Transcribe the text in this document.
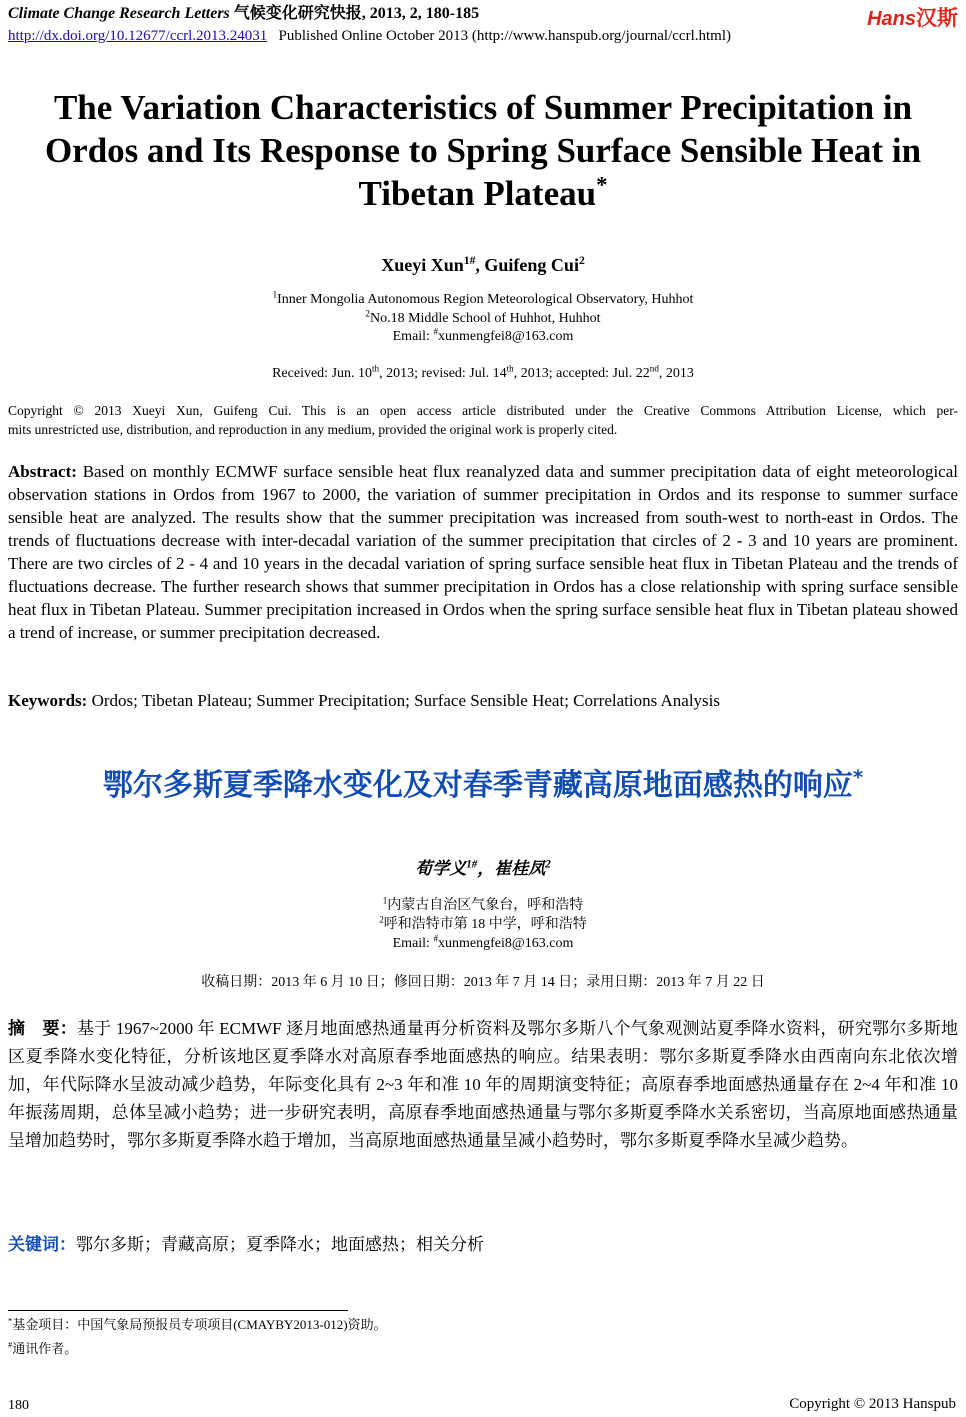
Climate Change Research Letters 气候变化研究快报, 2013, 2, 180-185
http://dx.doi.org/10.12677/ccrl.2013.24031 Published Online October 2013 (http://www.hanspub.org/journal/ccrl.html)
Hans汉斯
The Variation Characteristics of Summer Precipitation in
Ordos and Its Response to Spring Surface Sensible Heat in
Tibetan Plateau*
Xueyi Xun$^{1\#}$, Guifeng Cui$^2$
$^1$Inner Mongolia Autonomous Region Meteorological Observatory, Huhhot
$^2$No.18 Middle School of Huhhot, Huhhot
Email: #xunmengfei8@163.com
Received: Jun. 10th, 2013; revised: Jul. 14th, 2013; accepted: Jul. 22nd, 2013
Copyright © 2013 Xueyi Xun, Guifeng Cui. This is an open access article distributed under the Creative Commons Attribution License, which per-
mits unrestricted use, distribution, and reproduction in any medium, provided the original work is properly cited.
Abstract: Based on monthly ECMWF surface sensible heat flux reanalyzed data and summer precipitation data of eight meteorological observation stations in Ordos from 1967 to 2000, the variation of summer precipitation in Ordos and its response to summer surface sensible heat are analyzed. The results show that the summer precipitation was increased from south-west to north-east in Ordos. The trends of fluctuations decrease with inter-decadal variation of the summer precipitation that circles of 2 - 3 and 10 years are prominent. There are two circles of 2 - 4 and 10 years in the decadal variation of spring surface sensible heat flux in Tibetan Plateau and the trends of fluctuations decrease. The further research shows that summer precipitation in Ordos has a close relationship with spring surface sensible heat flux in Tibetan Plateau. Summer precipitation increased in Ordos when the spring surface sensible heat flux in Tibetan plateau showed a trend of increase, or summer precipitation decreased.
Keywords: Ordos; Tibetan Plateau; Summer Precipitation; Surface Sensible Heat; Correlations Analysis
鄂尔多斯夏季降水变化及对春季青藏高原地面感热的响应*
荀学义$^{1\#}$，崔桂凤$^2$
$^1$内蒙古自治区气象台，呼和浩特
$^2$呼和浩特市第 18 中学，呼和浩特
Email: #xunmengfei8@163.com
收稿日期：2013 年 6 月 10 日；修回日期：2013 年 7 月 14 日；录用日期：2013 年 7 月 22 日
摘　要：基于 1967~2000 年 ECMWF 逐月地面感热通量再分析资料及鄂尔多斯八个气象观测站夏季降水资料，研究鄂尔多斯地区夏季降水变化特征，分析该地区夏季降水对高原春季地面感热的响应。结果表明：鄂尔多斯夏季降水由西南向东北依次增加，年代际降水呈波动减少趋势，年际变化具有 2~3 年和准 10 年的周期演变特征；高原春季地面感热通量存在 2~4 年和准 10 年振荡周期，总体呈减小趋势；进一步研究表明，高原春季地面感热通量与鄂尔多斯夏季降水关系密切，当高原地面感热通量呈增加趋势时，鄂尔多斯夏季降水趋于增加，当高原地面感热通量呈减小趋势时，鄂尔多斯夏季降水呈减少趋势。
关键词：鄂尔多斯；青藏高原；夏季降水；地面感热；相关分析
*基金项目：中国气象局预报员专项项目(CMAYBY2013-012)资助。
#通讯作者。
180	Copyright © 2013 Hanspub
